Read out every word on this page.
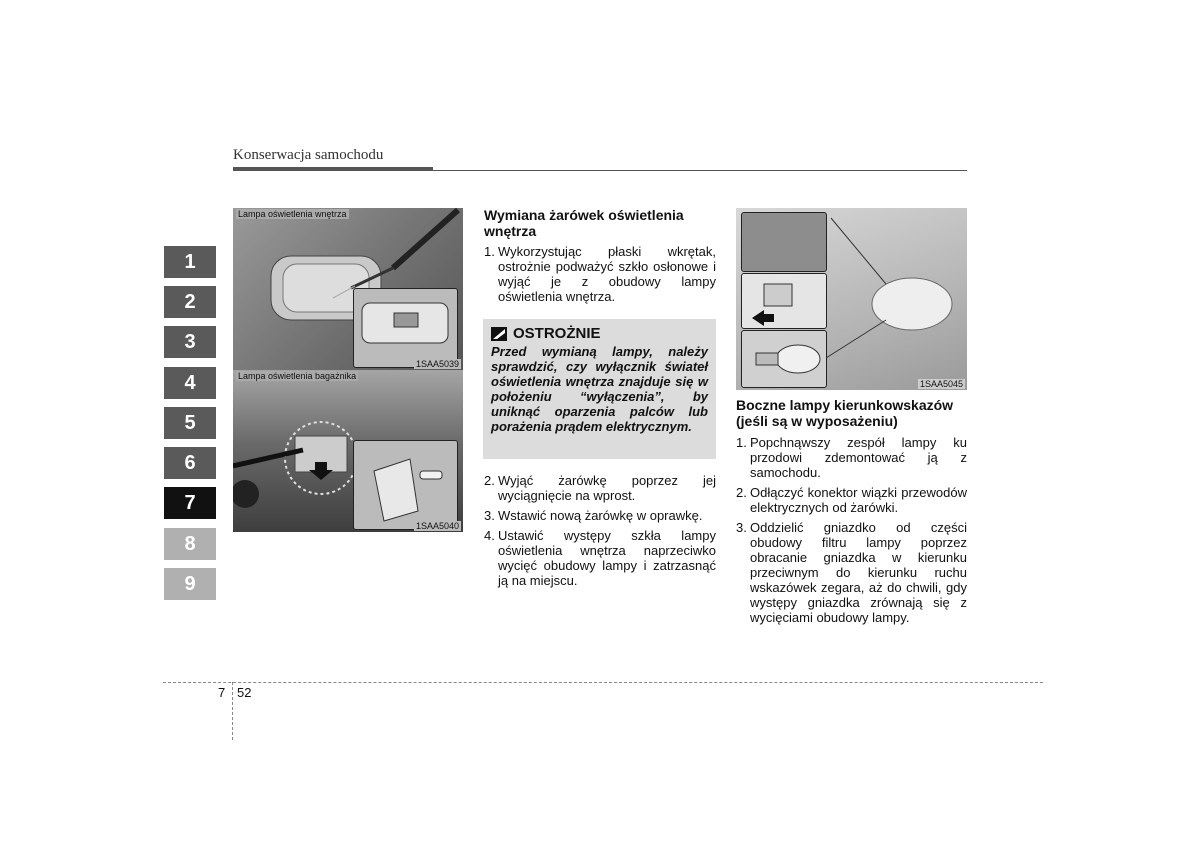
Konserwacja samochodu
1
2
3
4
5
6
7
8
9
Lampa oświetlenia wnętrza
1SAA5039
Lampa oświetlenia bagażnika
1SAA5040
Wymiana żarówek oświetlenia wnętrza
1. Wykorzystując płaski wkrętak, ostrożnie podważyć szkło osłonowe i wyjąć je z obudowy lampy oświetlenia wnętrza.
OSTROŻNIE
Przed wymianą lampy, należy sprawdzić, czy wyłącznik świateł oświetlenia wnętrza znajduje się w położeniu “wyłączenia”, by uniknąć oparzenia palców lub porażenia prądem elektrycznym.
2. Wyjąć żarówkę poprzez jej wyciągnięcie na wprost.
3. Wstawić nową żarówkę w oprawkę.
4. Ustawić występy szkła lampy oświetlenia wnętrza naprzeciwko wycięć obudowy lampy i zatrzasnąć ją na miejscu.
1SAA5045
Boczne lampy kierunkowskazów (jeśli są w wyposażeniu)
1. Popchnąwszy zespół lampy ku przodowi zdemontować ją z samochodu.
2. Odłączyć konektor wiązki przewodów elektrycznych od żarówki.
3. Oddzielić gniazdko od części obudowy filtru lampy poprzez obracanie gniazdka w kierunku przeciwnym do kierunku ruchu wskazówek zegara, aż do chwili, gdy występy gniazdka zrównają się z wycięciami obudowy lampy.
7 52
